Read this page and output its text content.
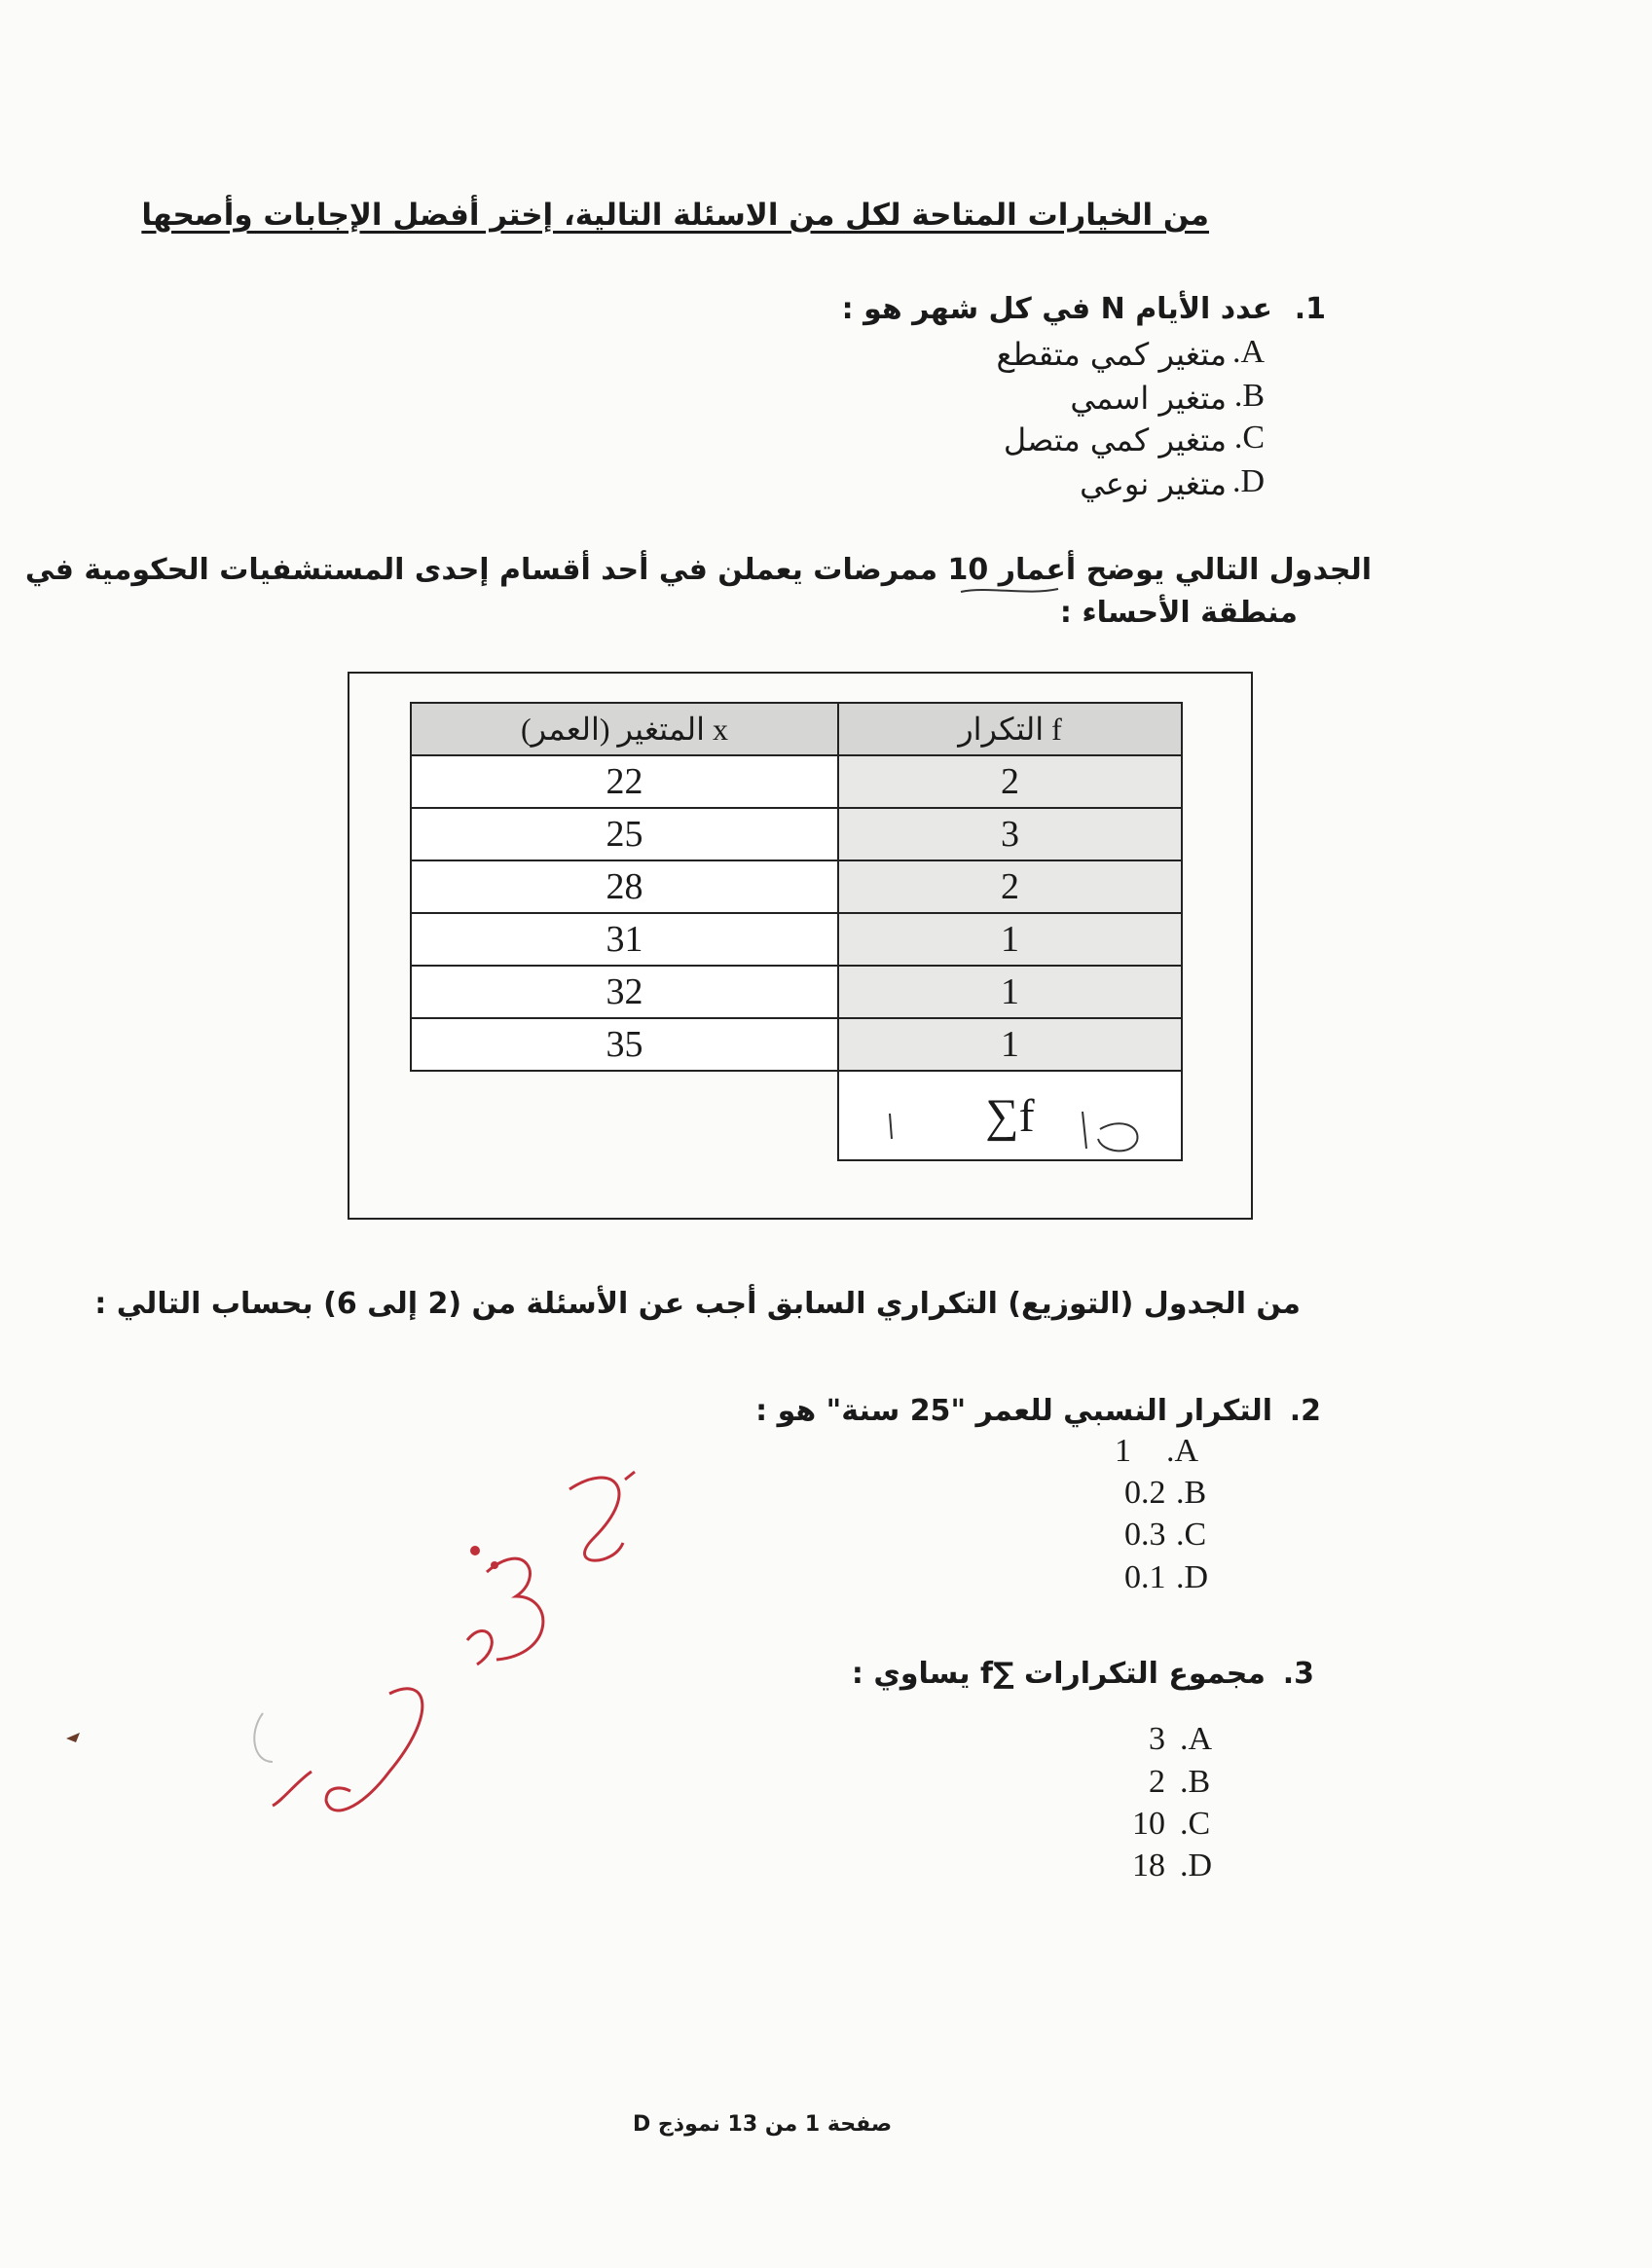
من الخيارات المتاحة لكل من الاسئلة التالية، إختر أفضل الإجابات وأصحها
.1
عدد الأيام N في كل شهر هو :
متغير كمي متقطع .A
متغير اسمي .B
متغير كمي متصل .C
متغير نوعي .D
الجدول التالي يوضح أعمار 10 ممرضات يعملن في أحد أقسام إحدى المستشفيات الحكومية في
منطقة الأحساء :
المتغير (العمر) x	التكرار f
22	2
25	3
28	2
31	1
32	1
35	1
	∑f
من الجدول (التوزيع) التكراري السابق أجب عن الأسئلة من (2 إلى 6) بحساب التالي :
.2
التكرار النسبي للعمر "25 سنة" هو :
1 .A
0.2 .B
0.3 .C
0.1 .D
.3
مجموع التكرارات ∑f يساوي :
3 .A
2 .B
10 .C
18 .D
صفحة 1 من 13 نموذج D
